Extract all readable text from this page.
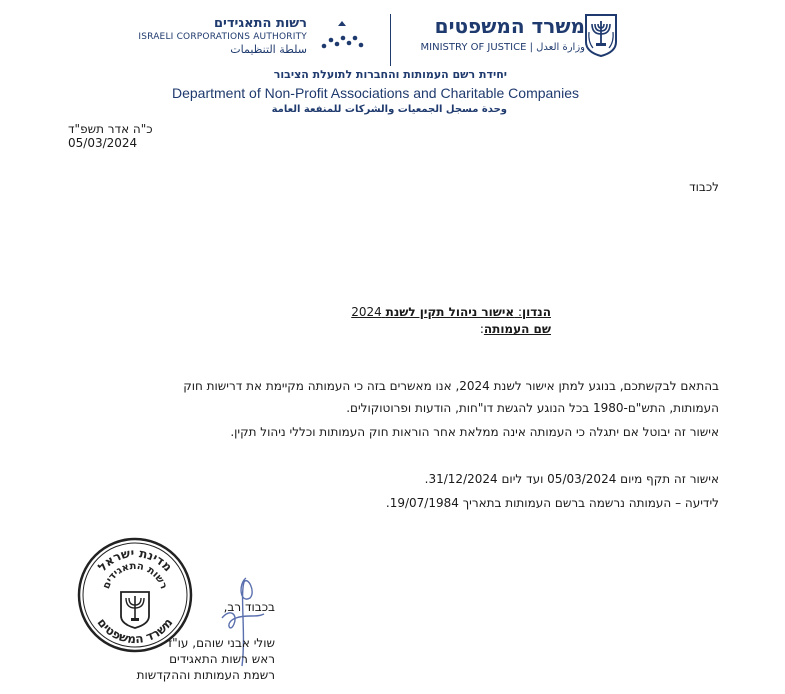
משרד המשפטים
MINISTRY OF JUSTICE | وزارة العدل
רשות התאגידים
ISRAELI CORPORATIONS AUTHORITY
سلطة التنظيمات
יחידת רשם העמותות והחברות לתועלת הציבור
Department of Non-Profit Associations and Charitable Companies
وحدة مسجل الجمعيات والشركات للمنفعة العامة
כ"ה אדר תשפ"ד
05/03/2024
לכבוד
הנדון: אישור ניהול תקין לשנת 2024
שם העמותה:
בהתאם לבקשתכם, בנוגע למתן אישור לשנת 2024, אנו מאשרים בזה כי העמותה מקיימת את דרישות חוק
העמותות, התש"ם-1980 בכל הנוגע להגשת דו"חות, הודעות ופרוטוקולים.
אישור זה יבוטל אם יתגלה כי העמותה אינה ממלאת אחר הוראות חוק העמותות וכללי ניהול תקין.
אישור זה תקף מיום 05/03/2024 ועד ליום 31/12/2024.
לידיעה – העמותה נרשמה ברשם העמותות בתאריך 19/07/1984.
מדינת ישראל
רשות התאגידים
משרד המשפטים
בכבוד רב,
שולי אבני שוהם, עו"ד
ראש רשות התאגידים
רשמת העמותות וההקדשות
